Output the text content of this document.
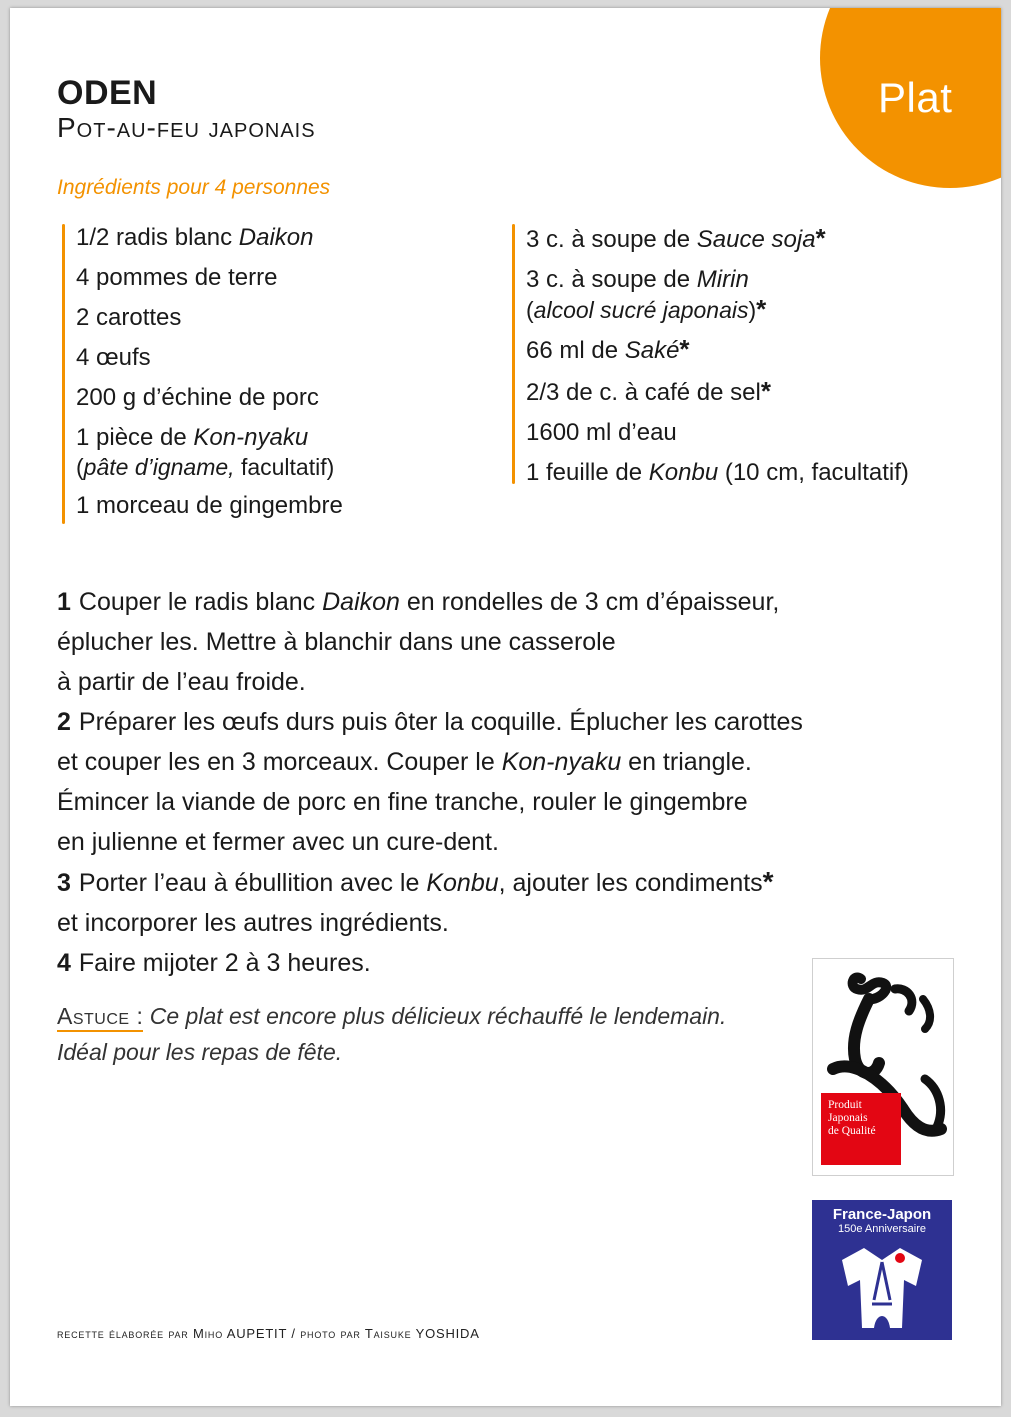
Plat
ODEN
Pot-au-feu japonais
Ingrédients pour 4 personnes
1/2 radis blanc Daikon
4 pommes de terre
2 carottes
4 œufs
200 g d’échine de porc
1 pièce de Kon-nyaku
(pâte d’igname, facultatif)
1 morceau de gingembre
3 c. à soupe de Sauce soja*
3 c. à soupe de Mirin
(alcool sucré japonais)*
66 ml de Saké*
2/3 de c. à café de sel*
1600 ml d’eau
1 feuille de Konbu (10 cm, facultatif)

1 Couper le radis blanc Daikon en rondelles de 3 cm d’épaisseur,
éplucher les. Mettre à blanchir dans une casserole
à partir de l’eau froide.

2 Préparer les œufs durs puis ôter la coquille. Éplucher les carottes
et couper les en 3 morceaux. Couper le Kon-nyaku en triangle.
Émincer la viande de porc en fine tranche, rouler le gingembre
en julienne et fermer avec un cure-dent.

3 Porter l’eau à ébullition avec le Konbu, ajouter les condiments*
et incorporer les autres ingrédients.

4 Faire mijoter 2 à 3 heures.

Astuce : Ce plat est encore plus délicieux réchauffé le lendemain.
Idéal pour les repas de fête.
recette élaborée par Miho AUPETIT / photo par Taisuke YOSHIDA
Produit
Japonais
de Qualité
France-Japon
150e Anniversaire
